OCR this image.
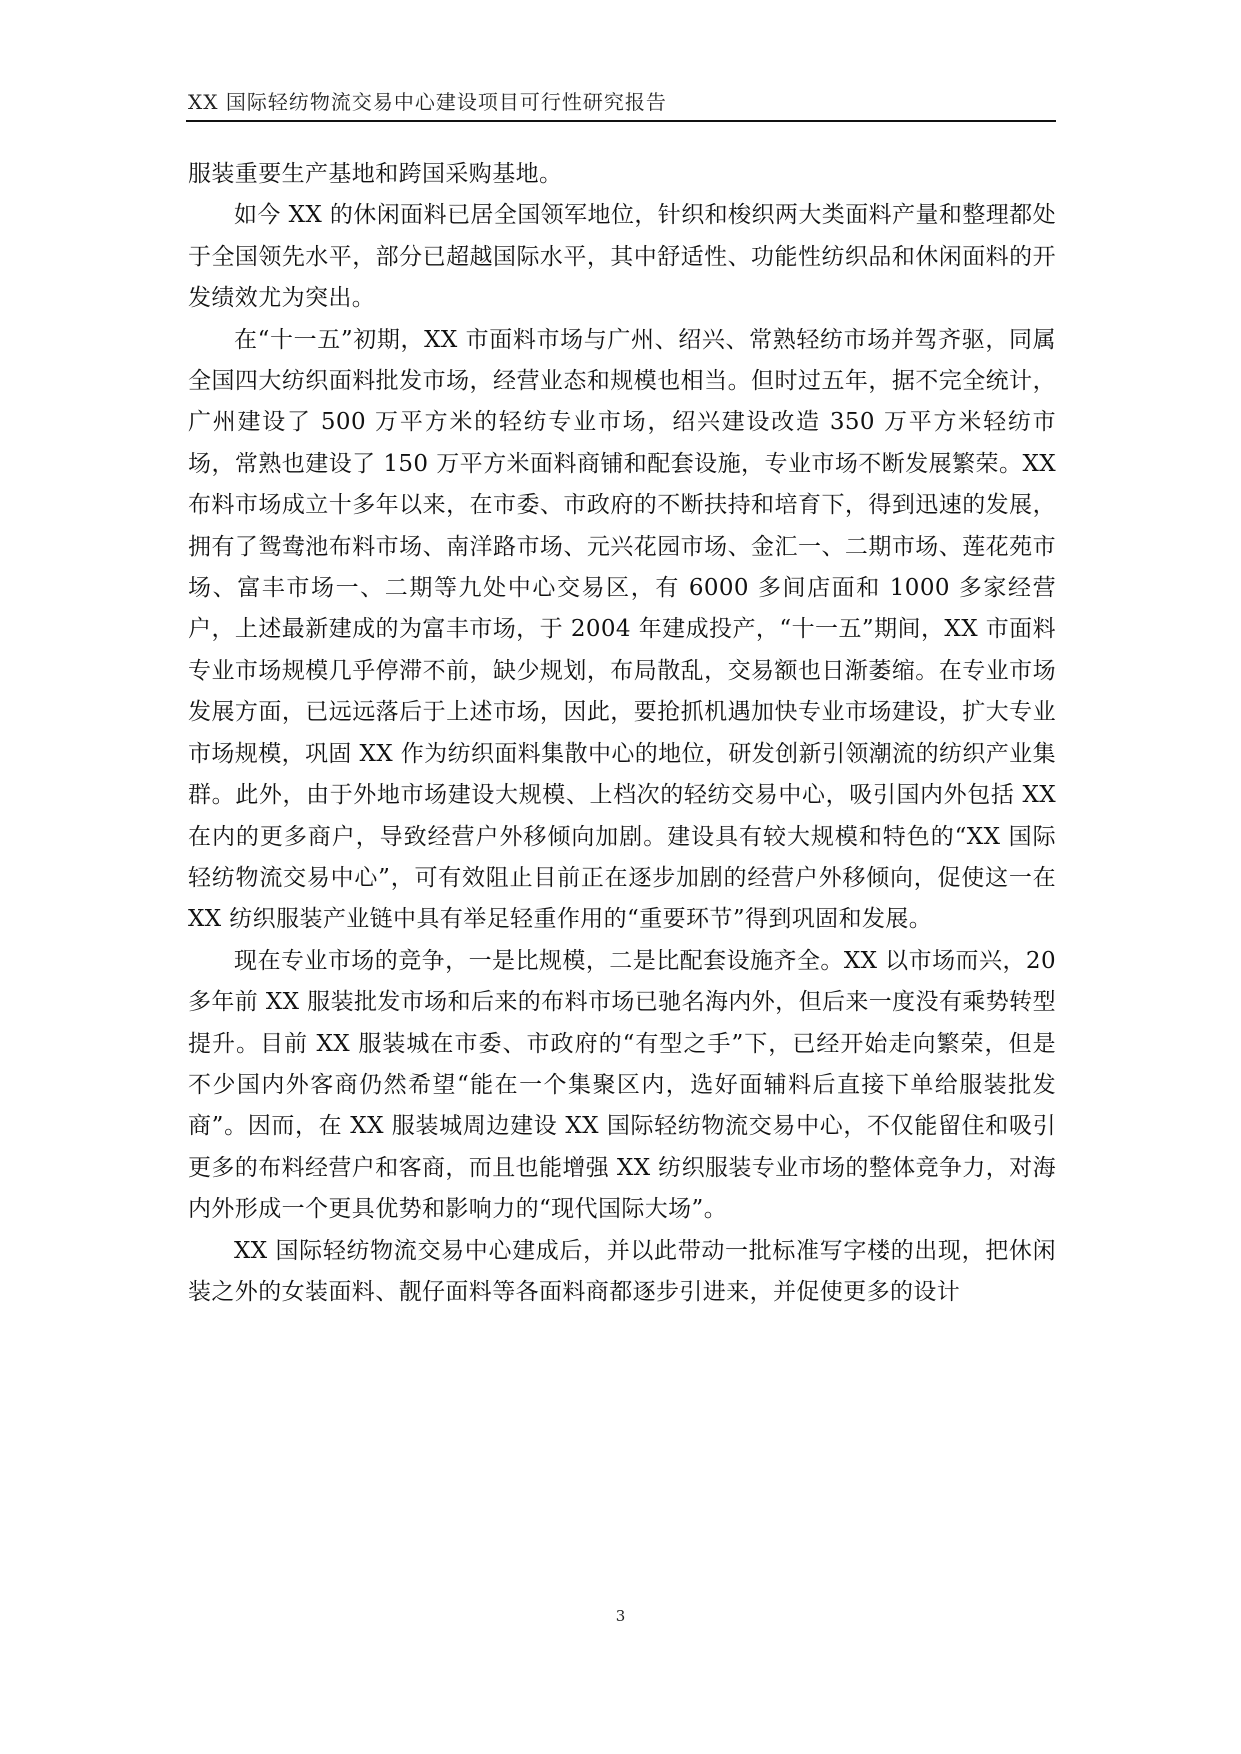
XX 国际轻纺物流交易中心建设项目可行性研究报告

服装重要生产基地和跨国采购基地。

如今 XX 的休闲面料已居全国领军地位，针织和梭织两大类面料产量和整理都处于全国领先水平，部分已超越国际水平，其中舒适性、功能性纺织品和休闲面料的开发绩效尤为突出。

在“十一五”初期，XX 市面料市场与广州、绍兴、常熟轻纺市场并驾齐驱，同属全国四大纺织面料批发市场，经营业态和规模也相当。但时过五年，据不完全统计，广州建设了 500 万平方米的轻纺专业市场，绍兴建设改造 350 万平方米轻纺市场，常熟也建设了 150 万平方米面料商铺和配套设施，专业市场不断发展繁荣。XX 布料市场成立十多年以来，在市委、市政府的不断扶持和培育下，得到迅速的发展，拥有了鸳鸯池布料市场、南洋路市场、元兴花园市场、金汇一、二期市场、莲花苑市场、富丰市场一、二期等九处中心交易区，有 6000 多间店面和 1000 多家经营户，上述最新建成的为富丰市场，于 2004 年建成投产，“十一五”期间，XX 市面料专业市场规模几乎停滞不前，缺少规划，布局散乱，交易额也日渐萎缩。在专业市场发展方面，已远远落后于上述市场，因此，要抢抓机遇加快专业市场建设，扩大专业市场规模，巩固 XX 作为纺织面料集散中心的地位，研发创新引领潮流的纺织产业集群。此外，由于外地市场建设大规模、上档次的轻纺交易中心，吸引国内外包括 XX 在内的更多商户，导致经营户外移倾向加剧。建设具有较大规模和特色的“XX 国际轻纺物流交易中心”，可有效阻止目前正在逐步加剧的经营户外移倾向，促使这一在 XX 纺织服装产业链中具有举足轻重作用的“重要环节”得到巩固和发展。

现在专业市场的竞争，一是比规模，二是比配套设施齐全。XX 以市场而兴，20 多年前 XX 服装批发市场和后来的布料市场已驰名海内外，但后来一度没有乘势转型提升。目前 XX 服装城在市委、市政府的“有型之手”下，已经开始走向繁荣，但是不少国内外客商仍然希望“能在一个集聚区内，选好面辅料后直接下单给服装批发商”。因而，在 XX 服装城周边建设 XX 国际轻纺物流交易中心，不仅能留住和吸引更多的布料经营户和客商，而且也能增强 XX 纺织服装专业市场的整体竞争力，对海内外形成一个更具优势和影响力的“现代国际大场”。

XX 国际轻纺物流交易中心建成后，并以此带动一批标准写字楼的出现，把休闲装之外的女装面料、靓仔面料等各面料商都逐步引进来，并促使更多的设计

3
